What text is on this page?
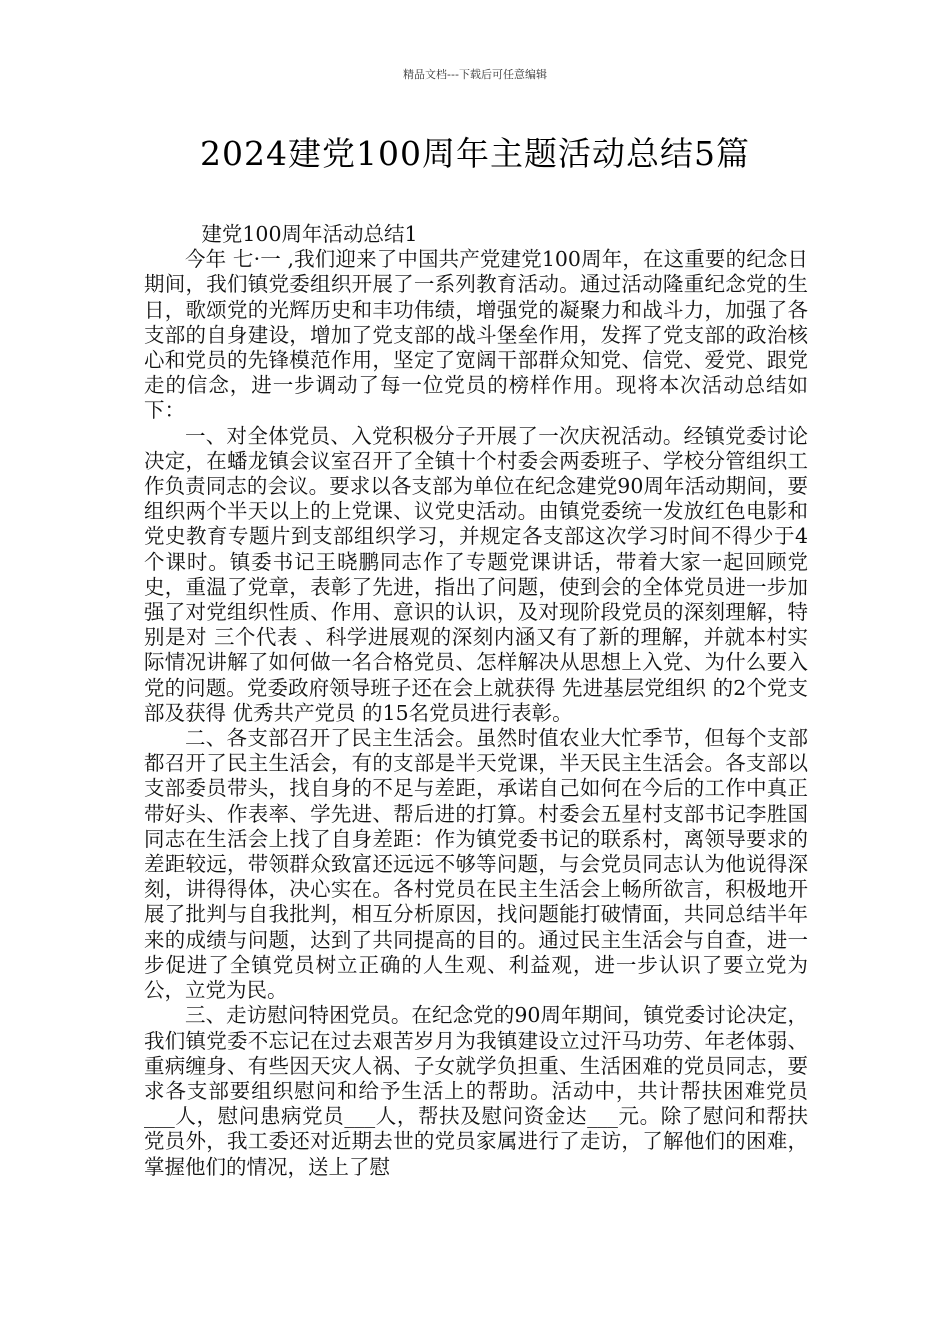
精品文档---下载后可任意编辑
2024建党100周年主题活动总结5篇

建党100周年活动总结1

今年 七·一 ,我们迎来了中国共产党建党100周年，在这重要的纪念日期间，我们镇党委组织开展了一系列教育活动。通过活动隆重纪念党的生日，歌颂党的光辉历史和丰功伟绩，增强党的凝聚力和战斗力，加强了各支部的自身建设，增加了党支部的战斗堡垒作用，发挥了党支部的政治核心和党员的先锋模范作用，坚定了宽阔干部群众知党、信党、爱党、跟党走的信念，进一步调动了每一位党员的榜样作用。现将本次活动总结如下：

一、对全体党员、入党积极分子开展了一次庆祝活动。经镇党委讨论决定，在蟠龙镇会议室召开了全镇十个村委会两委班子、学校分管组织工作负责同志的会议。要求以各支部为单位在纪念建党90周年活动期间，要组织两个半天以上的上党课、议党史活动。由镇党委统一发放红色电影和党史教育专题片到支部组织学习，并规定各支部这次学习时间不得少于4个课时。镇委书记王晓鹏同志作了专题党课讲话，带着大家一起回顾党史，重温了党章，表彰了先进，指出了问题，使到会的全体党员进一步加强了对党组织性质、作用、意识的认识，及对现阶段党员的深刻理解，特别是对 三个代表 、科学进展观的深刻内涵又有了新的理解，并就本村实际情况讲解了如何做一名合格党员、怎样解决从思想上入党、为什么要入党的问题。党委政府领导班子还在会上就获得 先进基层党组织 的2个党支部及获得 优秀共产党员 的15名党员进行表彰。

二、各支部召开了民主生活会。虽然时值农业大忙季节，但每个支部都召开了民主生活会，有的支部是半天党课，半天民主生活会。各支部以支部委员带头，找自身的不足与差距，承诺自己如何在今后的工作中真正带好头、作表率、学先进、帮后进的打算。村委会五星村支部书记李胜国同志在生活会上找了自身差距：作为镇党委书记的联系村，离领导要求的差距较远，带领群众致富还远远不够等问题，与会党员同志认为他说得深刻，讲得得体，决心实在。各村党员在民主生活会上畅所欲言，积极地开展了批判与自我批判，相互分析原因，找问题能打破情面，共同总结半年来的成绩与问题，达到了共同提高的目的。通过民主生活会与自查，进一步促进了全镇党员树立正确的人生观、利益观，进一步认识了要立党为公，立党为民。

三、走访慰问特困党员。在纪念党的90周年期间，镇党委讨论决定，我们镇党委不忘记在过去艰苦岁月为我镇建设立过汗马功劳、年老体弱、重病缠身、有些因天灾人祸、子女就学负担重、生活困难的党员同志，要求各支部要组织慰问和给予生活上的帮助。活动中，共计帮扶困难党员___人，慰问患病党员___人，帮扶及慰问资金达___元。除了慰问和帮扶党员外，我工委还对近期去世的党员家属进行了走访，了解他们的困难，掌握他们的情况，送上了慰
